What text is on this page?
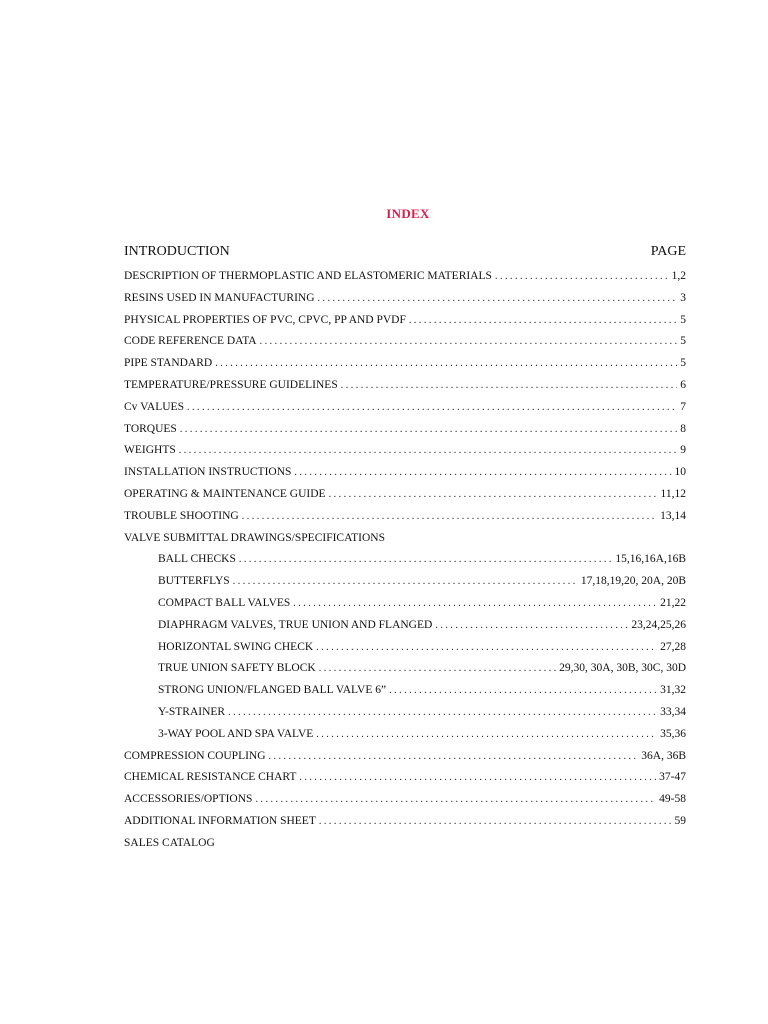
INDEX
INTRODUCTION	PAGE
DESCRIPTION OF THERMOPLASTIC AND ELASTOMERIC MATERIALS . . .	1,2
RESINS USED IN MANUFACTURING . . .	3
PHYSICAL PROPERTIES OF PVC, CPVC, PP AND PVDF . . .	5
CODE REFERENCE DATA . . .	5
PIPE STANDARD . . .	5
TEMPERATURE/PRESSURE GUIDELINES . . .	6
Cv VALUES . . .	7
TORQUES . . .	8
WEIGHTS . . .	9
INSTALLATION INSTRUCTIONS . . .	10
OPERATING & MAINTENANCE GUIDE . . .	11,12
TROUBLE SHOOTING . . .	13,14
VALVE SUBMITTAL DRAWINGS/SPECIFICATIONS
BALL CHECKS . . .	15,16,16A,16B
BUTTERFLYS . . .	17,18,19,20, 20A, 20B
COMPACT BALL VALVES . . .	21,22
DIAPHRAGM VALVES, TRUE UNION AND FLANGED . . .	23,24,25,26
HORIZONTAL SWING CHECK . . .	27,28
TRUE UNION SAFETY BLOCK . . .	29,30, 30A, 30B, 30C, 30D
STRONG UNION/FLANGED BALL VALVE 6” . . .	31,32
Y-STRAINER . . .	33,34
3-WAY POOL AND SPA VALVE . . .	35,36
COMPRESSION COUPLING . . .	36A, 36B
CHEMICAL RESISTANCE CHART . . .	37-47
ACCESSORIES/OPTIONS . . .	49-58
ADDITIONAL INFORMATION SHEET . . .	59
SALES CATALOG
